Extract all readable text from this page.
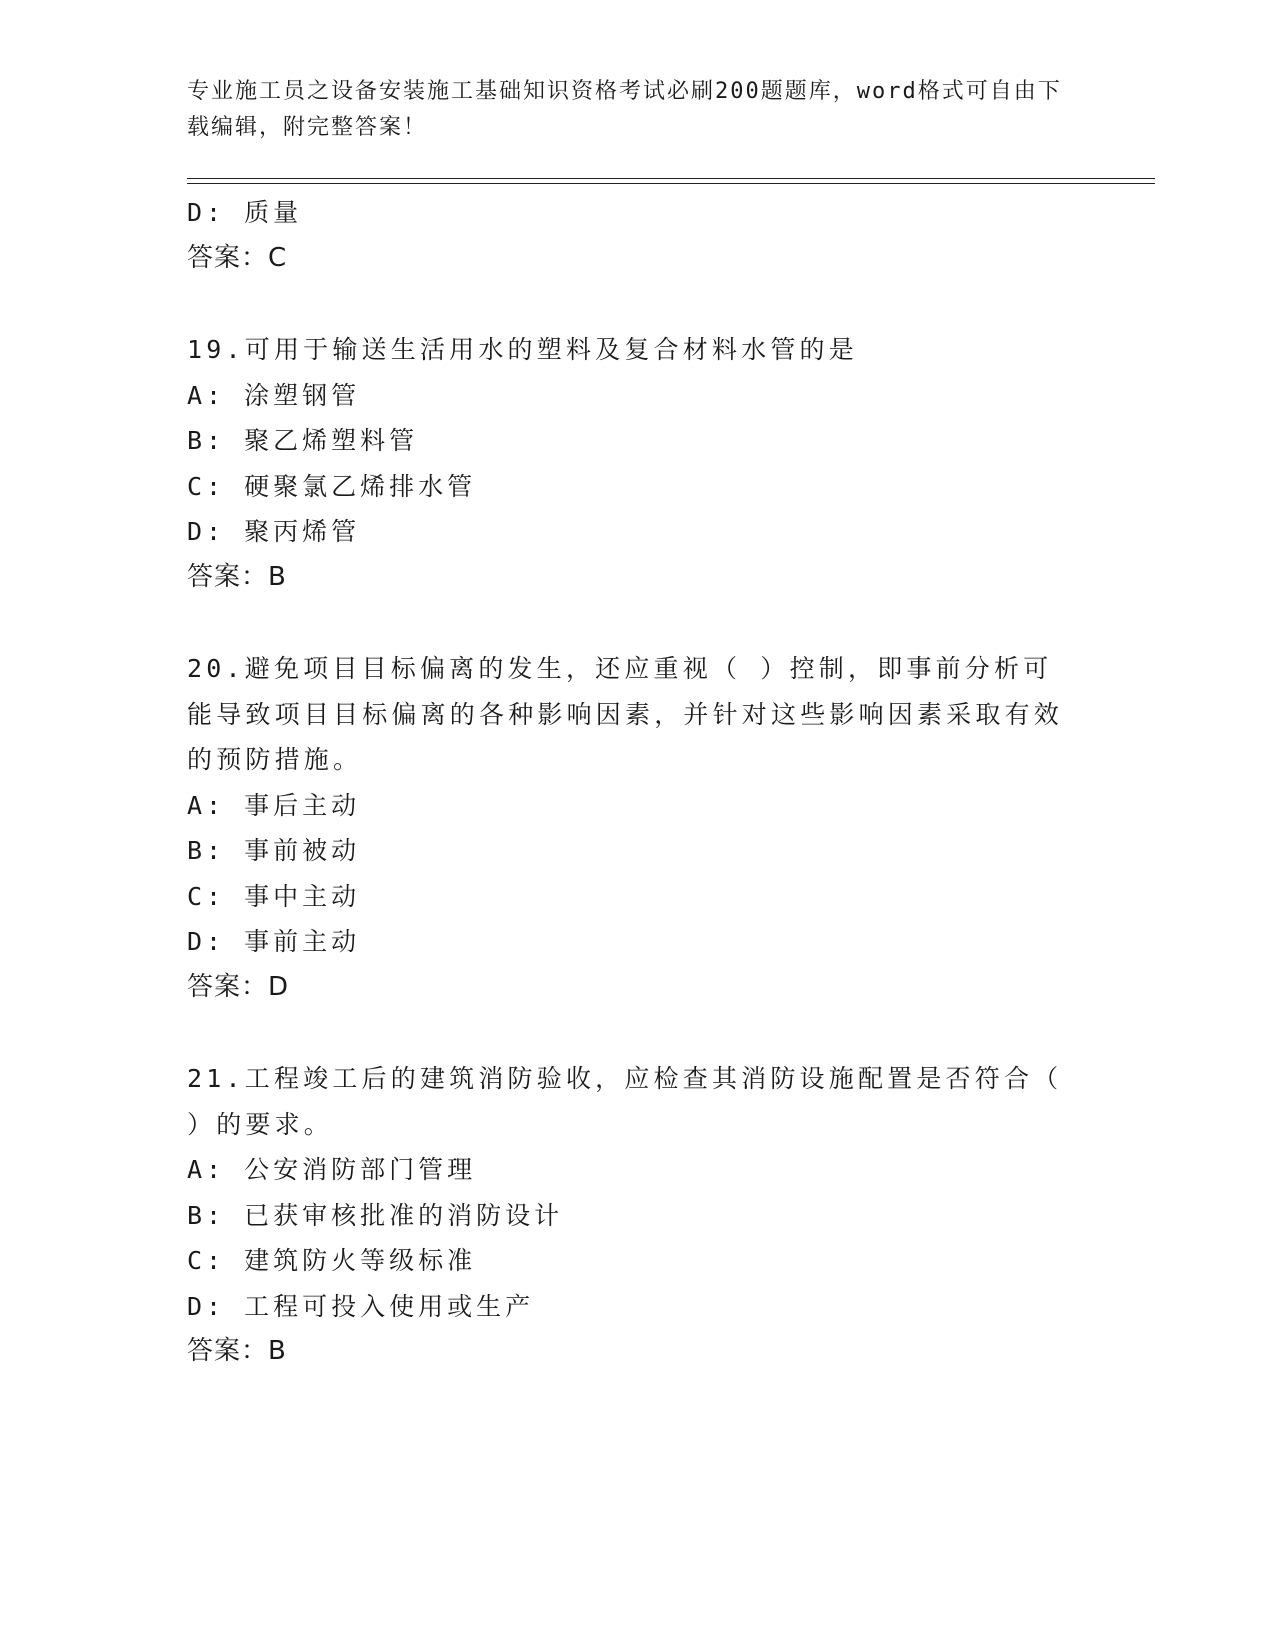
专业施工员之设备安装施工基础知识资格考试必刷200题题库，word格式可自由下载编辑，附完整答案！
D: 质量
答案：C
19.可用于输送生活用水的塑料及复合材料水管的是
A: 涂塑钢管
B: 聚乙烯塑料管
C: 硬聚氯乙烯排水管
D: 聚丙烯管
答案：B
20.避免项目目标偏离的发生，还应重视（ ）控制，即事前分析可能导致项目目标偏离的各种影响因素，并针对这些影响因素采取有效的预防措施。
A: 事后主动
B: 事前被动
C: 事中主动
D: 事前主动
答案：D
21.工程竣工后的建筑消防验收，应检查其消防设施配置是否符合（ ）的要求。
A: 公安消防部门管理
B: 已获审核批准的消防设计
C: 建筑防火等级标准
D: 工程可投入使用或生产
答案：B
